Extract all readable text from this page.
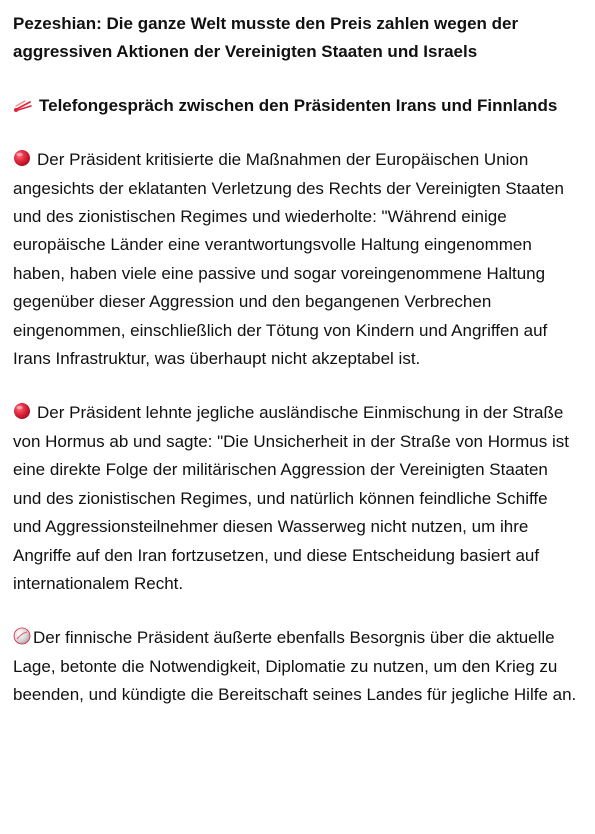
Pezeshian: Die ganze Welt musste den Preis zahlen wegen der aggressiven Aktionen der Vereinigten Staaten und Israels
Telefongespräch zwischen den Präsidenten Irans und Finnlands
Der Präsident kritisierte die Maßnahmen der Europäischen Union angesichts der eklatanten Verletzung des Rechts der Vereinigten Staaten und des zionistischen Regimes und wiederholte: "Während einige europäische Länder eine verantwortungsvolle Haltung eingenommen haben, haben viele eine passive und sogar voreingenommene Haltung gegenüber dieser Aggression und den begangenen Verbrechen eingenommen, einschließlich der Tötung von Kindern und Angriffen auf Irans Infrastruktur, was überhaupt nicht akzeptabel ist.
Der Präsident lehnte jegliche ausländische Einmischung in der Straße von Hormus ab und sagte: "Die Unsicherheit in der Straße von Hormus ist eine direkte Folge der militärischen Aggression der Vereinigten Staaten und des zionistischen Regimes, und natürlich können feindliche Schiffe und Aggressionsteilnehmer diesen Wasserweg nicht nutzen, um ihre Angriffe auf den Iran fortzusetzen, und diese Entscheidung basiert auf internationalem Recht.
Der finnische Präsident äußerte ebenfalls Besorgnis über die aktuelle Lage, betonte die Notwendigkeit, Diplomatie zu nutzen, um den Krieg zu beenden, und kündigte die Bereitschaft seines Landes für jegliche Hilfe an.
